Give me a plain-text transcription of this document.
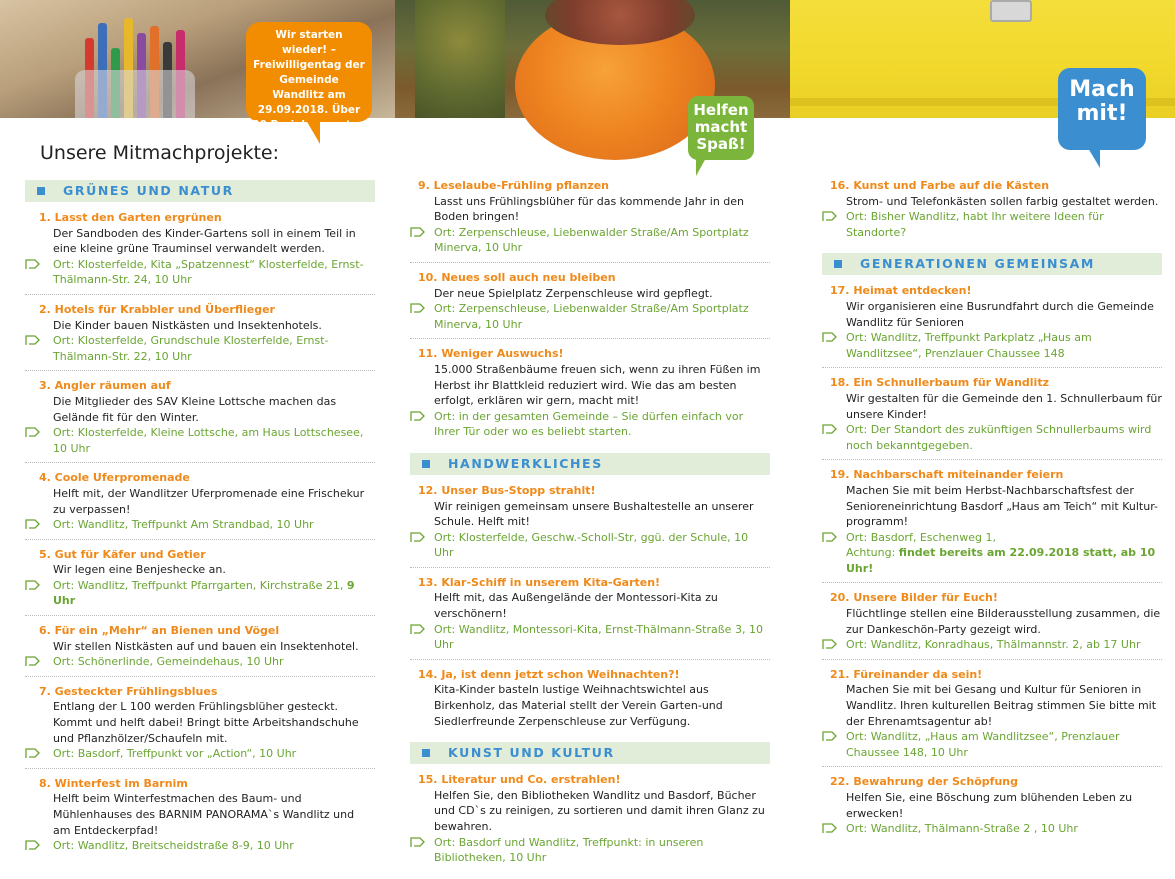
Wir starten wieder! – Freiwilligentag der Gemeinde Wandlitz am 29.09.2018. Über 20 Projekte warten auf Euch!
Helfen macht Spaß!
Mach mit!
Unsere Mitmachprojekte:
GRÜNES UND NATUR
1. Lasst den Garten ergrünen
Der Sandboden des Kinder-Gartens soll in einem Teil in eine kleine grüne Trauminsel verwandelt werden.
Ort: Klosterfelde, Kita „Spatzennest“ Klosterfelde, Ernst-Thälmann-Str. 24, 10 Uhr
2. Hotels für Krabbler und Überflieger
Die Kinder bauen Nistkästen und Insektenhotels.
Ort: Klosterfelde, Grundschule Klosterfelde, Ernst-Thälmann-Str. 22, 10 Uhr
3. Angler räumen auf
Die Mitglieder des SAV Kleine Lottsche machen das Gelände fit für den Winter.
Ort: Klosterfelde, Kleine Lottsche, am Haus Lottschesee, 10 Uhr
4. Coole Uferpromenade
Helft mit, der Wandlitzer Uferpromenade eine Frischekur zu verpassen!
Ort: Wandlitz, Treffpunkt Am Strandbad, 10 Uhr
5. Gut für Käfer und Getier
Wir legen eine Benjeshecke an.
Ort: Wandlitz, Treffpunkt Pfarrgarten, Kirchstraße 21, 9 Uhr
6. Für ein „Mehr“ an Bienen und Vögel
Wir stellen Nistkästen auf und bauen ein Insektenhotel.
Ort: Schönerlinde, Gemeindehaus, 10 Uhr
7. Gesteckter Frühlingsblues
Entlang der L 100 werden Frühlingsblüher gesteckt. Kommt und helft dabei! Bringt bitte Arbeitshandschuhe und Pflanzhölzer/Schaufeln mit.
Ort: Basdorf, Treffpunkt vor „Action“, 10 Uhr
8. Winterfest im Barnim
Helft beim Winterfestmachen des Baum- und Mühlenhauses des BARNIM PANORAMA`s Wandlitz und am Entdeckerpfad!
Ort: Wandlitz, Breitscheidstraße 8-9, 10 Uhr
9. Leselaube-Frühling pflanzen
Lasst uns Frühlingsblüher für das kommende Jahr in den Boden bringen!
Ort: Zerpenschleuse, Liebenwalder Straße/Am Sportplatz Minerva, 10 Uhr
10. Neues soll auch neu bleiben
Der neue Spielplatz Zerpenschleuse wird gepflegt.
Ort: Zerpenschleuse, Liebenwalder Straße/Am Sportplatz Minerva, 10 Uhr
11. Weniger Auswuchs!
15.000 Straßenbäume freuen sich, wenn zu ihren Füßen im Herbst ihr Blattkleid reduziert wird. Wie das am besten erfolgt, erklären wir gern, macht mit!
Ort: in der gesamten Gemeinde – Sie dürfen einfach vor Ihrer Tür oder wo es beliebt starten.
HANDWERKLICHES
12. Unser Bus-Stopp strahlt!
Wir reinigen gemeinsam unsere Bushaltestelle an unserer Schule. Helft mit!
Ort: Klosterfelde, Geschw.-Scholl-Str, ggü. der Schule, 10 Uhr
13. Klar-Schiff in unserem Kita-Garten!
Helft mit, das Außengelände der Montessori-Kita zu verschönern!
Ort: Wandlitz, Montessori-Kita, Ernst-Thälmann-Straße 3, 10 Uhr
14. Ja, ist denn jetzt schon Weihnachten?!
Kita-Kinder basteln lustige Weihnachtswichtel aus Birkenholz, das Material stellt der Verein Garten-und Siedlerfreunde Zerpenschleuse zur Verfügung.
KUNST UND KULTUR
15. Literatur und Co. erstrahlen!
Helfen Sie, den Bibliotheken Wandlitz und Basdorf, Bücher und CD`s zu reinigen, zu sortieren und damit ihren Glanz zu bewahren.
Ort: Basdorf und Wandlitz, Treffpunkt: in unseren Bibliotheken, 10 Uhr
16. Kunst und Farbe auf die Kästen
Strom- und Telefonkästen sollen farbig gestaltet werden.
Ort: Bisher Wandlitz, habt Ihr weitere Ideen für Standorte?
GENERATIONEN GEMEINSAM
17. Heimat entdecken!
Wir organisieren eine Busrundfahrt durch die Gemeinde Wandlitz für Senioren
Ort: Wandlitz, Treffpunkt Parkplatz „Haus am Wandlitzsee“, Prenzlauer Chaussee 148
18. Ein Schnullerbaum für Wandlitz
Wir gestalten für die Gemeinde den 1. Schnullerbaum für unsere Kinder!
Ort: Der Standort des zukünftigen Schnullerbaums wird noch bekanntgegeben.
19. Nachbarschaft miteinander feiern
Machen Sie mit beim Herbst-Nachbarschaftsfest der Senioreneinrichtung Basdorf „Haus am Teich“ mit Kultur-programm!
Ort: Basdorf, Eschenweg 1,
Achtung: findet bereits am 22.09.2018 statt, ab 10 Uhr!
20. Unsere Bilder für Euch!
Flüchtlinge stellen eine Bilderausstellung zusammen, die zur Dankeschön-Party gezeigt wird.
Ort: Wandlitz, Konradhaus, Thälmannstr. 2, ab 17 Uhr
21. Füreinander da sein!
Machen Sie mit bei Gesang und Kultur für Senioren in Wandlitz. Ihren kulturellen Beitrag stimmen Sie bitte mit der Ehrenamtsagentur ab!
Ort: Wandlitz, „Haus am Wandlitzsee“, Prenzlauer Chaussee 148, 10 Uhr
22. Bewahrung der Schöpfung
Helfen Sie, eine Böschung zum blühenden Leben zu erwecken!
Ort: Wandlitz, Thälmann-Straße 2 , 10 Uhr
